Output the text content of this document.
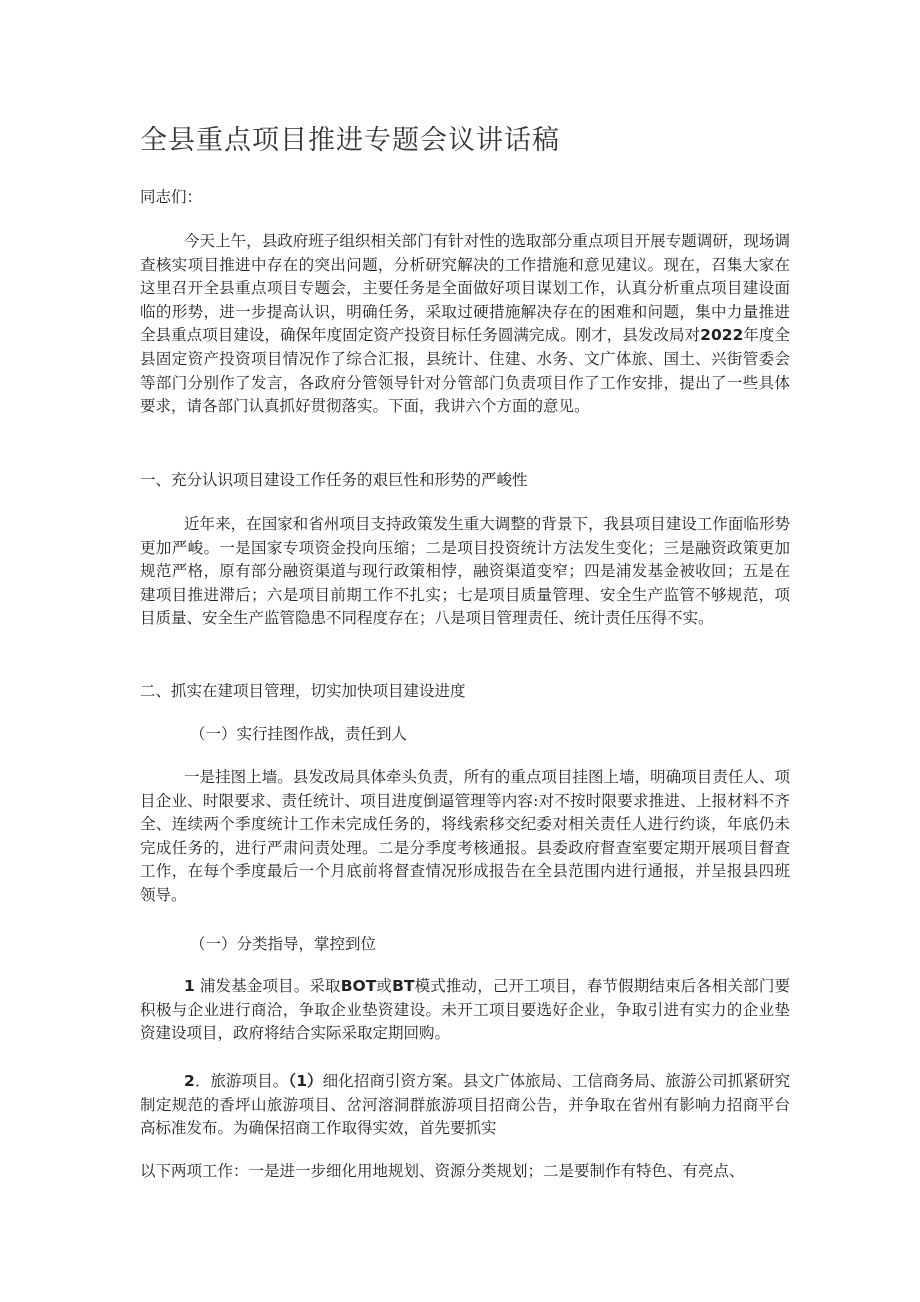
全县重点项目推进专题会议讲话稿

同志们：

今天上午，县政府班子组织相关部门有针对性的选取部分重点项目开展专题调研，现场调查核实项目推进中存在的突出问题，分析研究解决的工作措施和意见建议。现在，召集大家在这里召开全县重点项目专题会，主要任务是全面做好项目谋划工作，认真分析重点项目建设面临的形势，进一步提高认识，明确任务，采取过硬措施解决存在的困难和问题，集中力量推进全县重点项目建设，确保年度固定资产投资目标任务圆满完成。刚才，县发改局对2022年度全县固定资产投资项目情况作了综合汇报，县统计、住建、水务、文广体旅、国土、兴街管委会等部门分别作了发言，各政府分管领导针对分管部门负责项目作了工作安排，提出了一些具体要求，请各部门认真抓好贯彻落实。下面，我讲六个方面的意见。

一、充分认识项目建设工作任务的艰巨性和形势的严峻性

近年来，在国家和省州项目支持政策发生重大调整的背景下，我县项目建设工作面临形势更加严峻。一是国家专项资金投向压缩；二是项目投资统计方法发生变化；三是融资政策更加规范严格，原有部分融资渠道与现行政策相悖，融资渠道变窄；四是浦发基金被收回；五是在建项目推进滞后；六是项目前期工作不扎实；七是项目质量管理、安全生产监管不够规范，项目质量、安全生产监管隐患不同程度存在；八是项目管理责任、统计责任压得不实。

二、抓实在建项目管理，切实加快项目建设进度

（一）实行挂图作战，责任到人

一是挂图上墙。县发改局具体牵头负责，所有的重点项目挂图上墙，明确项目责任人、项目企业、时限要求、责任统计、项目进度倒逼管理等内容:对不按时限要求推进、上报材料不齐全、连续两个季度统计工作未完成任务的，将线索移交纪委对相关责任人进行约谈，年底仍未完成任务的，进行严肃问责处理。二是分季度考核通报。县委政府督查室要定期开展项目督查工作，在每个季度最后一个月底前将督查情况形成报告在全县范围内进行通报，并呈报县四班领导。

（一）分类指导，掌控到位

1 浦发基金项目。采取BOT或BT模式推动，己开工项目，春节假期结束后各相关部门要积极与企业进行商洽，争取企业垫资建设。未开工项目要选好企业，争取引进有实力的企业垫资建设项目，政府将结合实际采取定期回购。

2．旅游项目。（1）细化招商引资方案。县文广体旅局、工信商务局、旅游公司抓紧研究制定规范的香坪山旅游项目、岔河溶洞群旅游项目招商公告，并争取在省州有影响力招商平台高标准发布。为确保招商工作取得实效，首先要抓实

以下两项工作：一是进一步细化用地规划、资源分类规划；二是要制作有特色、有亮点、
